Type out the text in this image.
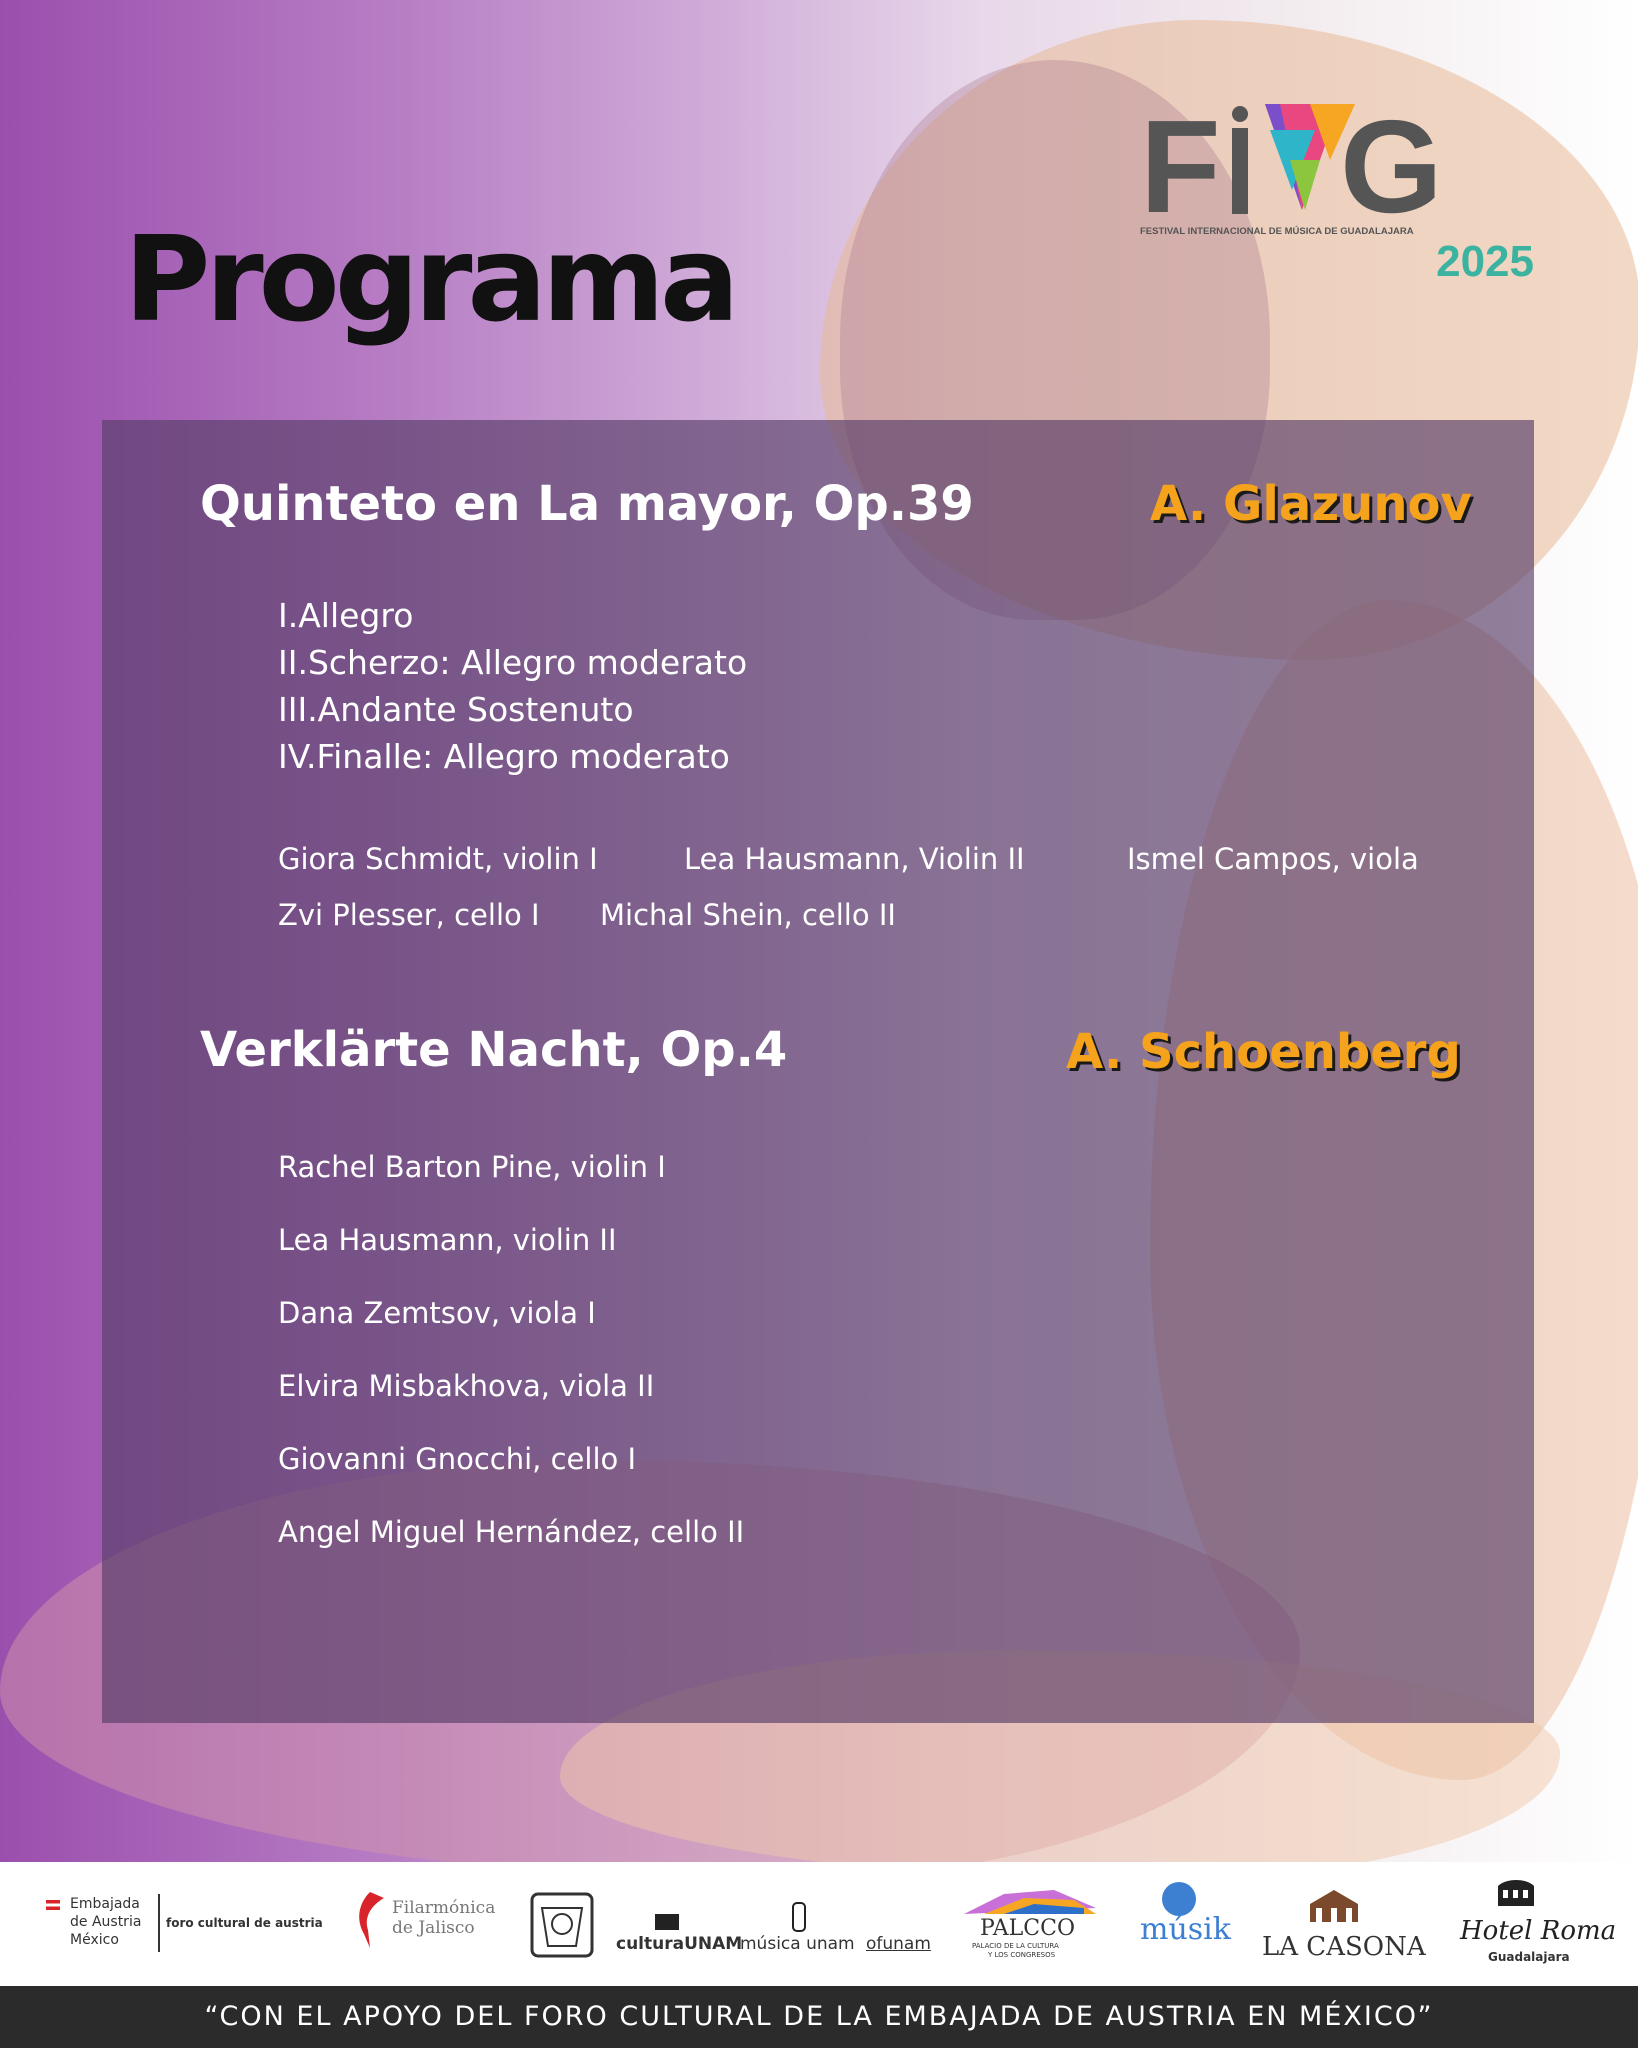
Programa
F G
FESTIVAL INTERNACIONAL DE MÚSICA DE GUADALAJARA
2025
Quinteto en La mayor, Op.39	A. Glazunov
I.Allegro
II.Scherzo: Allegro moderato
III.Andante Sostenuto
IV.Finalle: Allegro moderato
Giora Schmidt, violin I	Lea Hausmann, Violin II	Ismel Campos, viola
Zvi Plesser, cello I Michal Shein, cello II
Verklärte Nacht, Op.4	A. Schoenberg
Rachel Barton Pine, violin I
Lea Hausmann, violin II
Dana Zemtsov, viola I
Elvira Misbakhova, viola II
Giovanni Gnocchi, cello I
Angel Miguel Hernández, cello II
Embajada
de Austria
México
foro cultural de austria
Filarmónica
de Jalisco
culturaUNAM
música unam ofunam
PALCCO
PALACIO DE LA CULTURA
Y LOS CONGRESOS
músik LA CASONA
Hotel Roma
Guadalajara
“CON EL APOYO DEL FORO CULTURAL DE LA EMBAJADA DE AUSTRIA EN MÉXICO”
